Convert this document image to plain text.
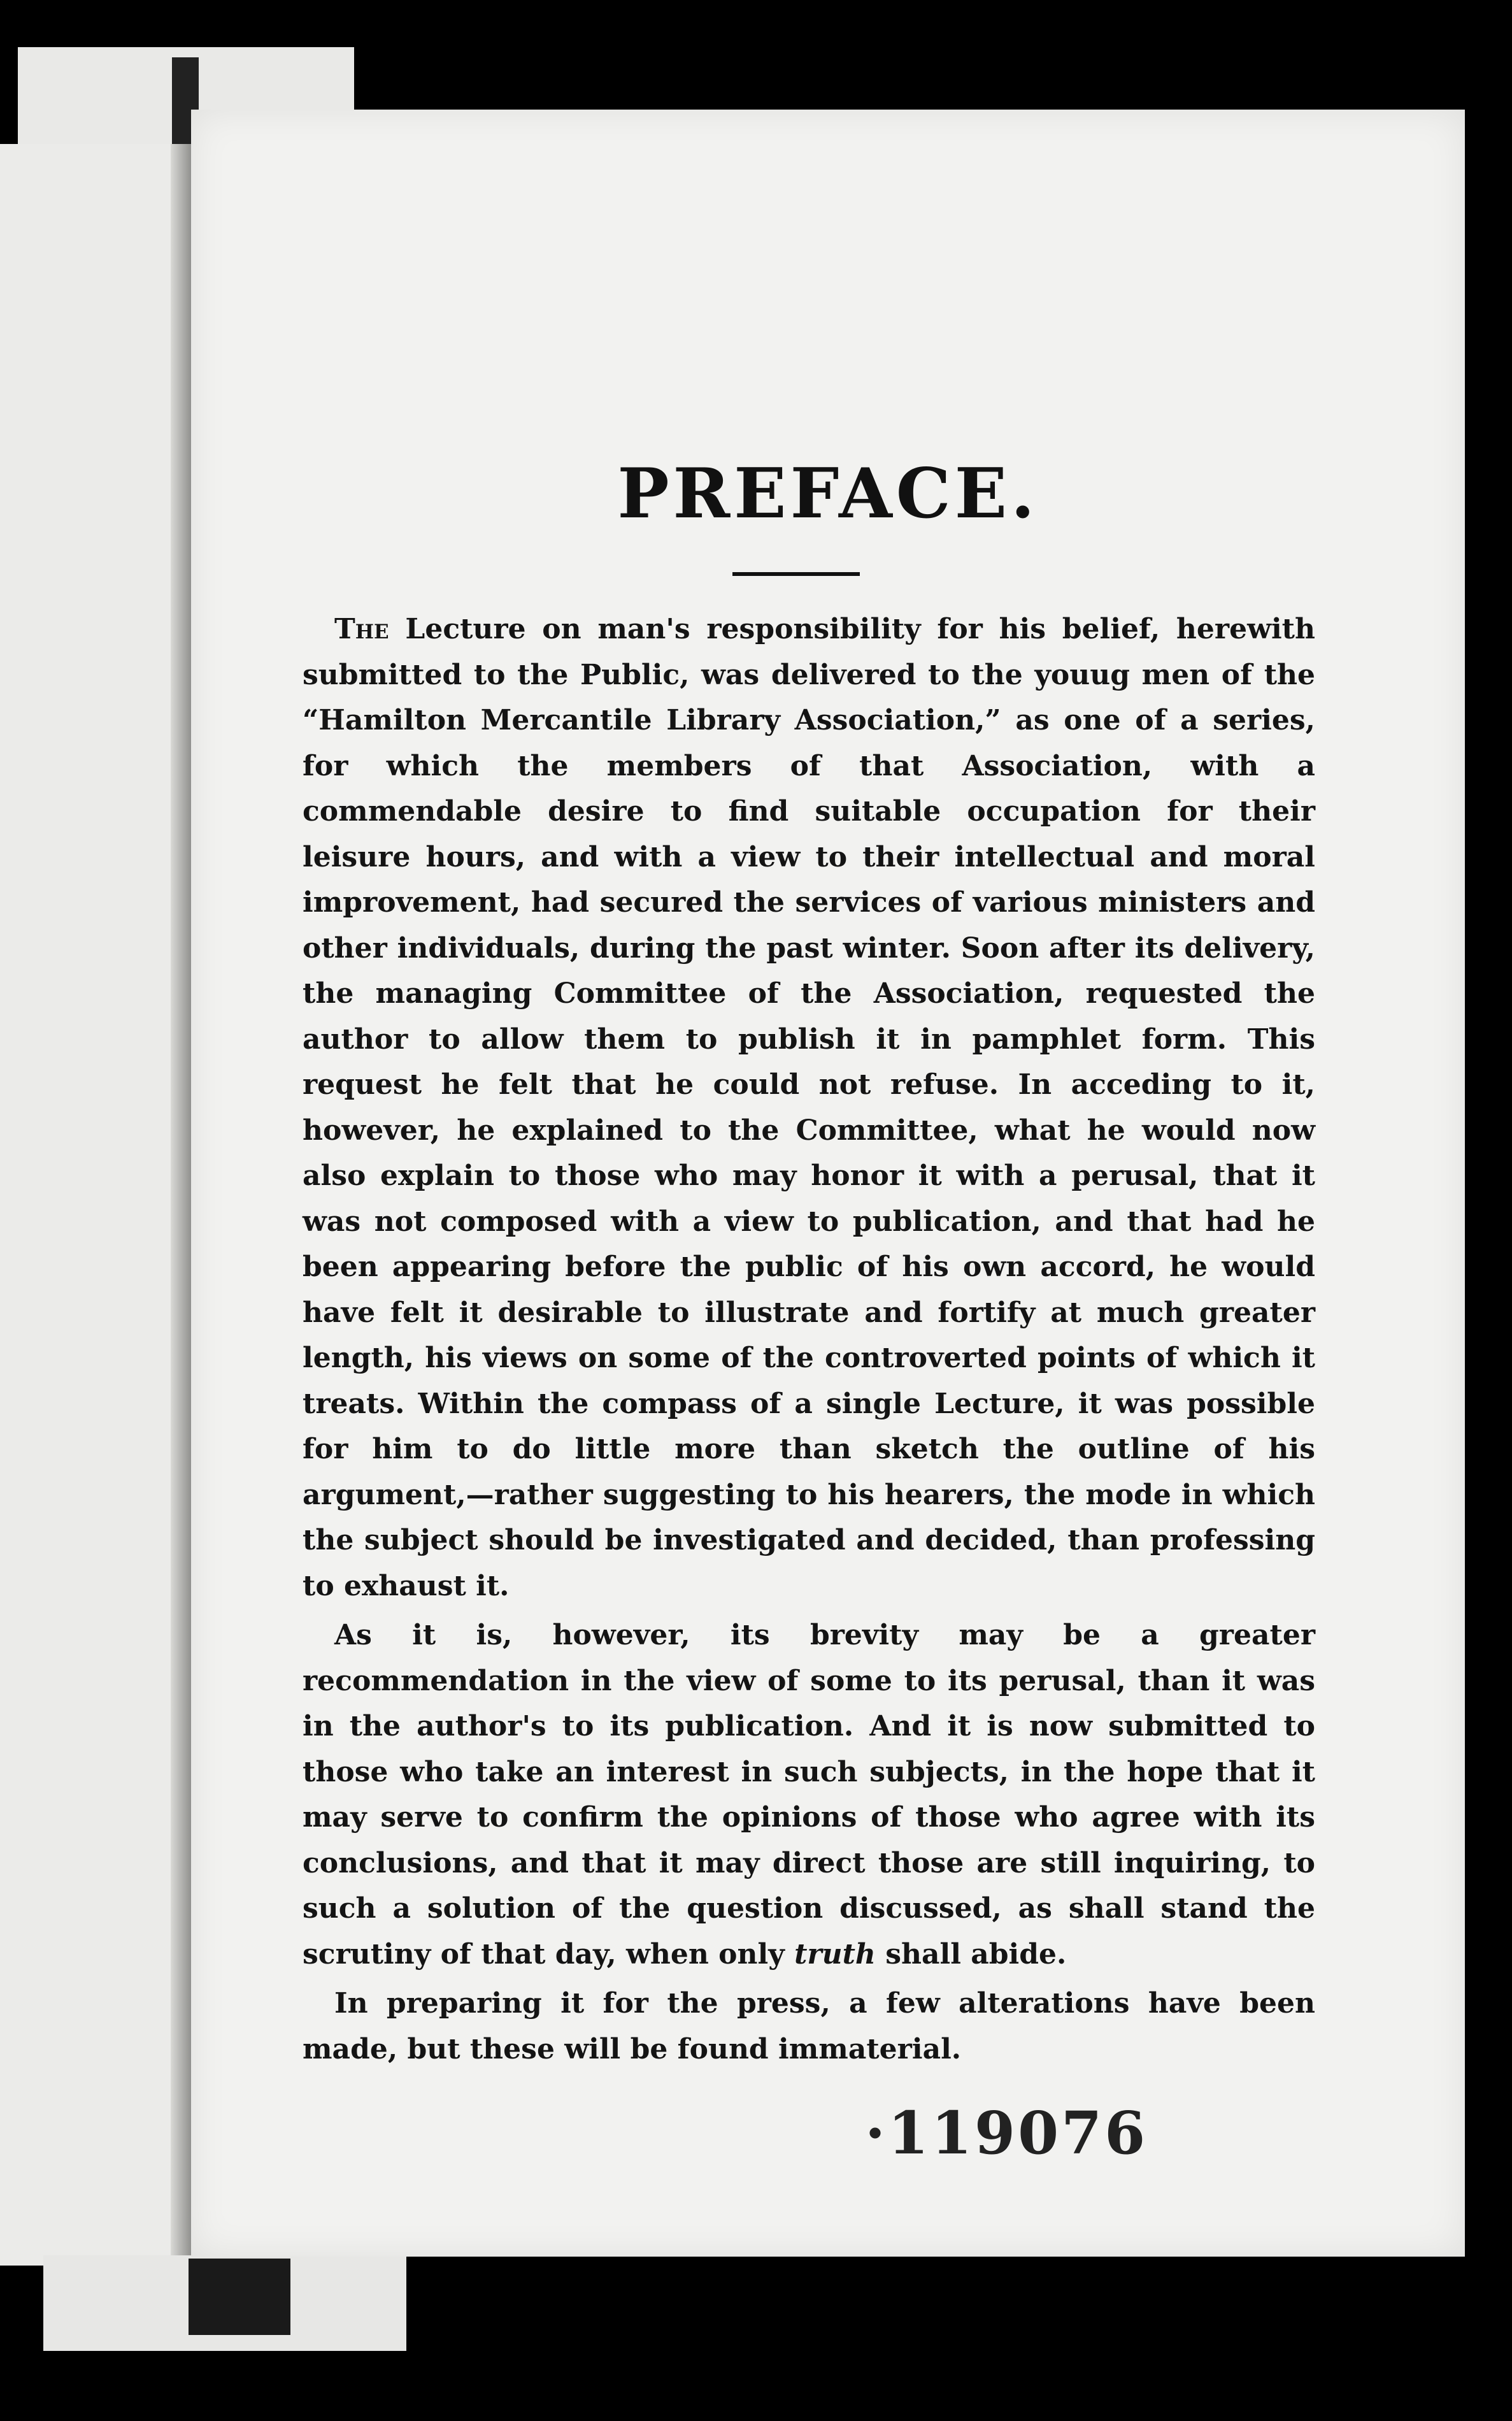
PREFACE.

The Lecture on man's responsibility for his belief, herewith submitted to the Public, was delivered to the youug men of the “Hamilton Mercantile Library Association,” as one of a series, for which the members of that Association, with a commendable desire to find suitable occupation for their leisure hours, and with a view to their intellectual and moral improvement, had secured the services of various ministers and other individuals, during the past winter. Soon after its delivery, the managing Committee of the Association, requested the author to allow them to publish it in pamphlet form. This request he felt that he could not refuse. In acceding to it, however, he explained to the Committee, what he would now also explain to those who may honor it with a perusal, that it was not composed with a view to publication, and that had he been appearing before the public of his own accord, he would have felt it desirable to illustrate and fortify at much greater length, his views on some of the controverted points of which it treats. Within the compass of a single Lecture, it was possible for him to do little more than sketch the outline of his argument,—rather suggesting to his hearers, the mode in which the subject should be investigated and decided, than professing to exhaust it.

As it is, however, its brevity may be a greater recommendation in the view of some to its perusal, than it was in the author's to its publication. And it is now submitted to those who take an interest in such subjects, in the hope that it may serve to confirm the opinions of those who agree with its conclusions, and that it may direct those are still inquiring, to such a solution of the question discussed, as shall stand the scrutiny of that day, when only truth shall abide.

In preparing it for the press, a few alterations have been made, but these will be found immaterial.

·119076
